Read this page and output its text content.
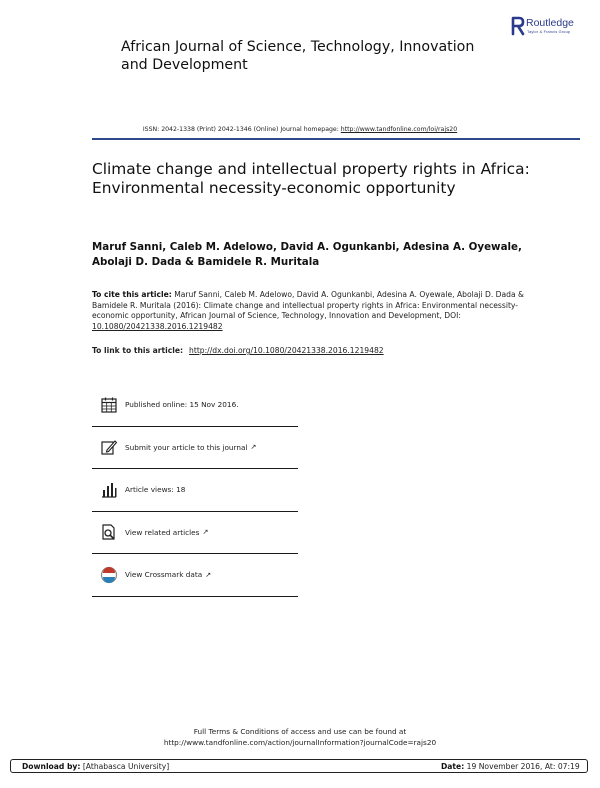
Routledge
Taylor & Francis Group
African Journal of Science, Technology, Innovation and Development
ISSN: 2042-1338 (Print) 2042-1346 (Online) Journal homepage: http://www.tandfonline.com/loi/rajs20
Climate change and intellectual property rights in Africa: Environmental necessity-economic opportunity
Maruf Sanni, Caleb M. Adelowo, David A. Ogunkanbi, Adesina A. Oyewale, Abolaji D. Dada & Bamidele R. Muritala
To cite this article: Maruf Sanni, Caleb M. Adelowo, David A. Ogunkanbi, Adesina A. Oyewale, Abolaji D. Dada & Bamidele R. Muritala (2016): Climate change and intellectual property rights in Africa: Environmental necessity-economic opportunity, African Journal of Science, Technology, Innovation and Development, DOI: 10.1080/20421338.2016.1219482
To link to this article: http://dx.doi.org/10.1080/20421338.2016.1219482
Published online: 15 Nov 2016.
Submit your article to this journal ↗
Article views: 18
View related articles ↗
View Crossmark data ↗
Full Terms & Conditions of access and use can be found at
http://www.tandfonline.com/action/journalInformation?journalCode=rajs20
Download by: [Athabasca University]	Date: 19 November 2016, At: 07:19
